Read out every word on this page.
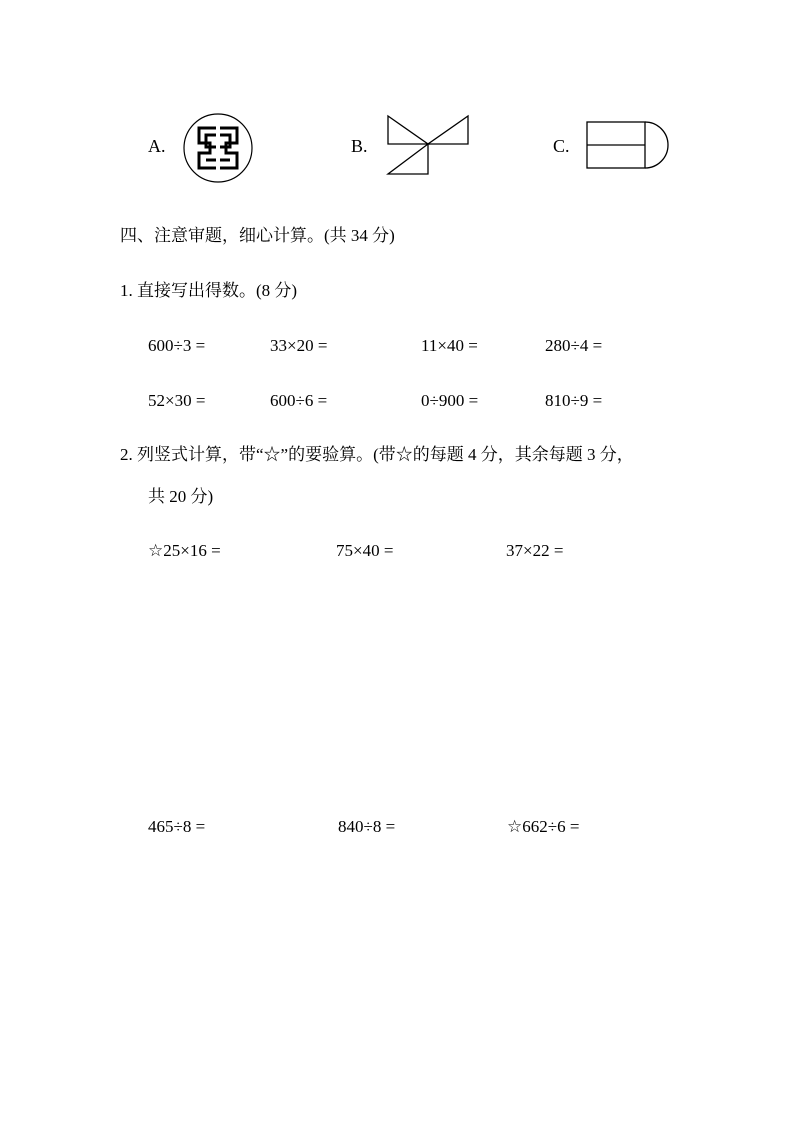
A.	B.	C.
四、注意审题，细心计算。(共 34 分)
1. 直接写出得数。(8 分)
600÷3 =	33×20 =	11×40 =	280÷4 =
52×30 =	600÷6 =	0÷900 =	810÷9 =
2. 列竖式计算，带“☆”的要验算。(带☆的每题 4 分，其余每题 3 分，
共 20 分)
☆25×16 =	75×40 =	37×22 =
465÷8 =	840÷8 =	☆662÷6 =
